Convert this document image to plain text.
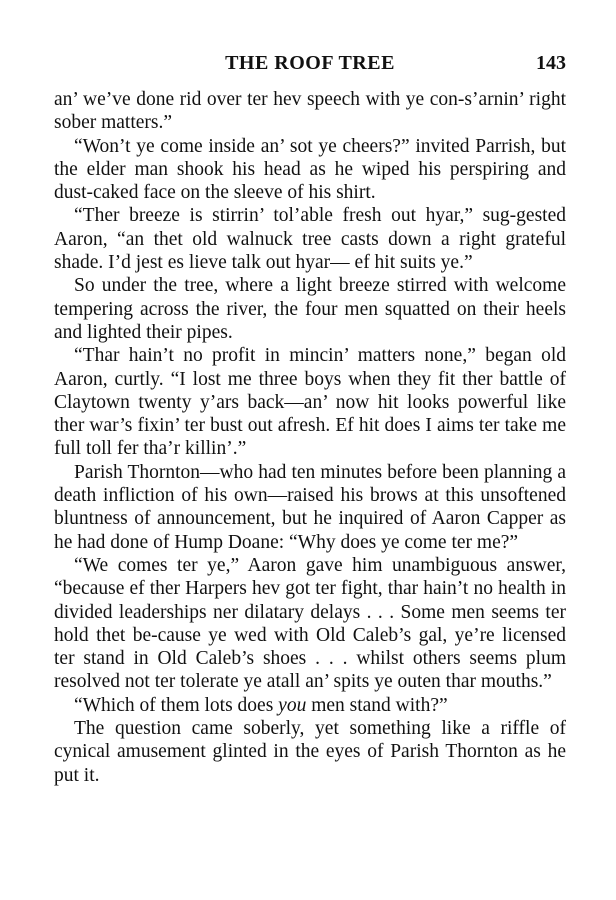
THE ROOF TREE	143

an’ we’ve done rid over ter hev speech with ye con-s’arnin’ right sober matters.”

“Won’t ye come inside an’ sot ye cheers?” invited Parrish, but the elder man shook his head as he wiped his perspiring and dust-caked face on the sleeve of his shirt.

“Ther breeze is stirrin’ tol’able fresh out hyar,” sug-gested Aaron, “an thet old walnuck tree casts down a right grateful shade. I’d jest es lieve talk out hyar— ef hit suits ye.”

So under the tree, where a light breeze stirred with welcome tempering across the river, the four men squatted on their heels and lighted their pipes.

“Thar hain’t no profit in mincin’ matters none,” began old Aaron, curtly. “I lost me three boys when they fit ther battle of Claytown twenty y’ars back—an’ now hit looks powerful like ther war’s fixin’ ter bust out afresh. Ef hit does I aims ter take me full toll fer tha’r killin’.”

Parish Thornton—who had ten minutes before been planning a death infliction of his own—raised his brows at this unsoftened bluntness of announcement, but he inquired of Aaron Capper as he had done of Hump Doane: “Why does ye come ter me?”

“We comes ter ye,” Aaron gave him unambiguous answer, “because ef ther Harpers hev got ter fight, thar hain’t no health in divided leaderships ner dilatary delays . . . Some men seems ter hold thet be-cause ye wed with Old Caleb’s gal, ye’re licensed ter stand in Old Caleb’s shoes . . . whilst others seems plum resolved not ter tolerate ye atall an’ spits ye outen thar mouths.”

“Which of them lots does you men stand with?”

The question came soberly, yet something like a riffle of cynical amusement glinted in the eyes of Parish Thornton as he put it.
